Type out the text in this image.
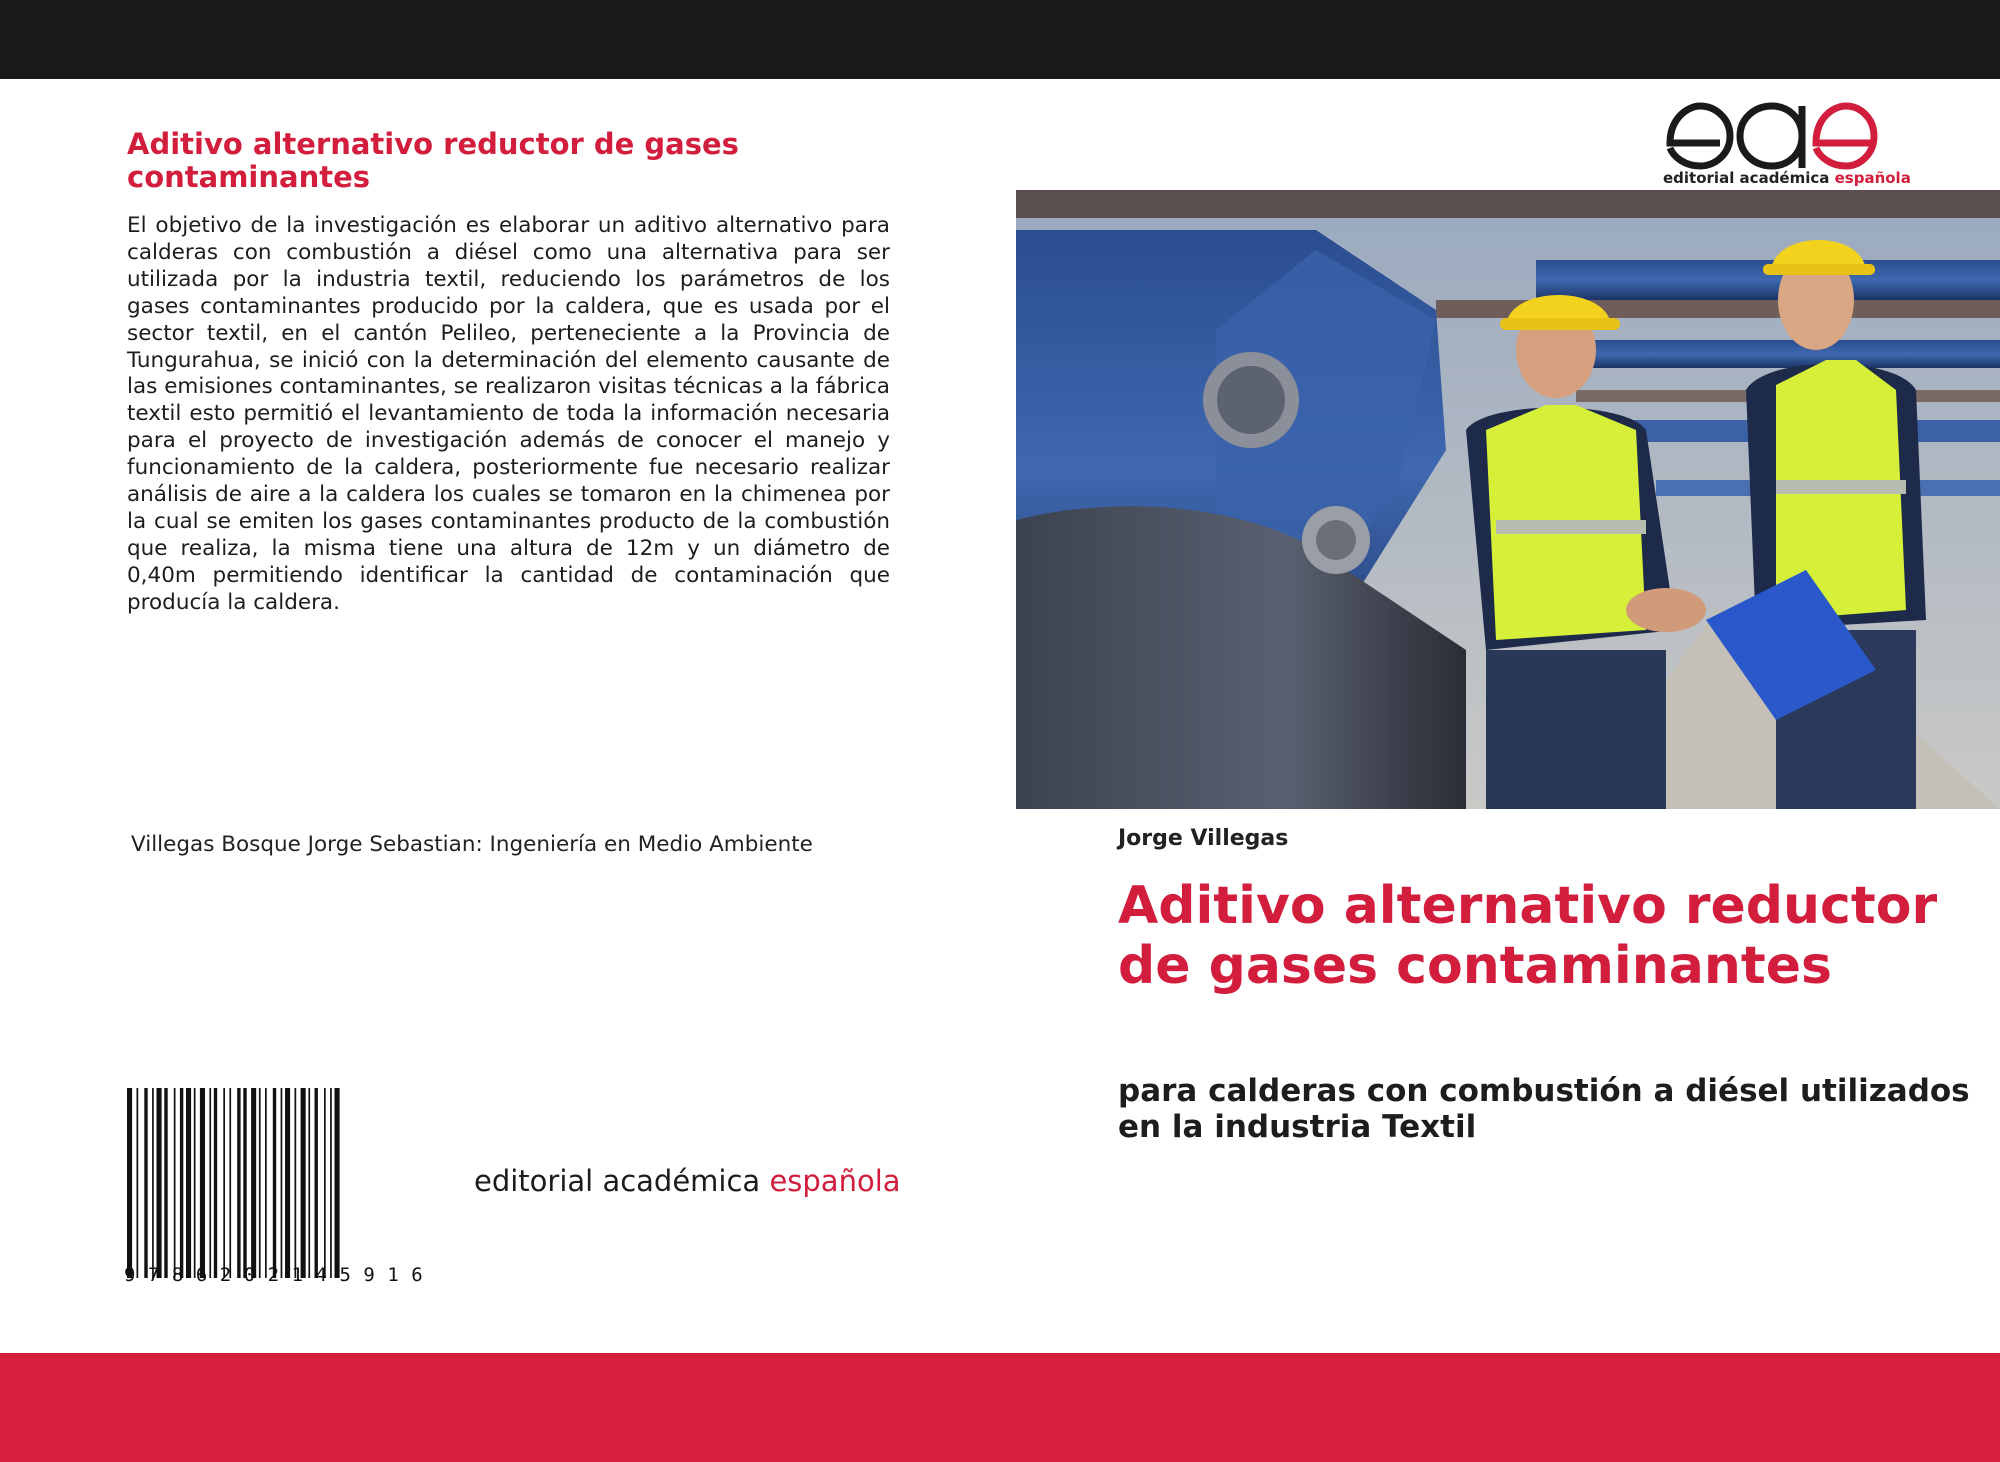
Aditivo alternativo reductor de gases contaminantes
El objetivo de la investigación es elaborar un aditivo alternativo para calderas con combustión a diésel como una alternativa para ser utilizada por la industria textil, reduciendo los parámetros de los gases contaminantes producido por la caldera, que es usada por el sector textil, en el cantón Pelileo, perteneciente a la Provincia de Tungurahua, se inició con la determinación del elemento causante de las emisiones contaminantes, se realizaron visitas técnicas a la fábrica textil esto permitió el levantamiento de toda la información necesaria para el proyecto de investigación además de conocer el manejo y funcionamiento de la caldera, posteriormente fue necesario realizar análisis de aire a la caldera los cuales se tomaron en la chimenea por la cual se emiten los gases contaminantes producto de la combustión que realiza, la misma tiene una altura de 12m y un diámetro de 0,40m permitiendo identificar la cantidad de contaminación que producía la caldera.
Villegas Bosque Jorge Sebastian: Ingeniería en Medio Ambiente
9786202145916
editorial académica española
editorial académica española
Jorge Villegas
Aditivo alternativo reductor de gases contaminantes
para calderas con combustión a diésel utilizados en la industria Textil
